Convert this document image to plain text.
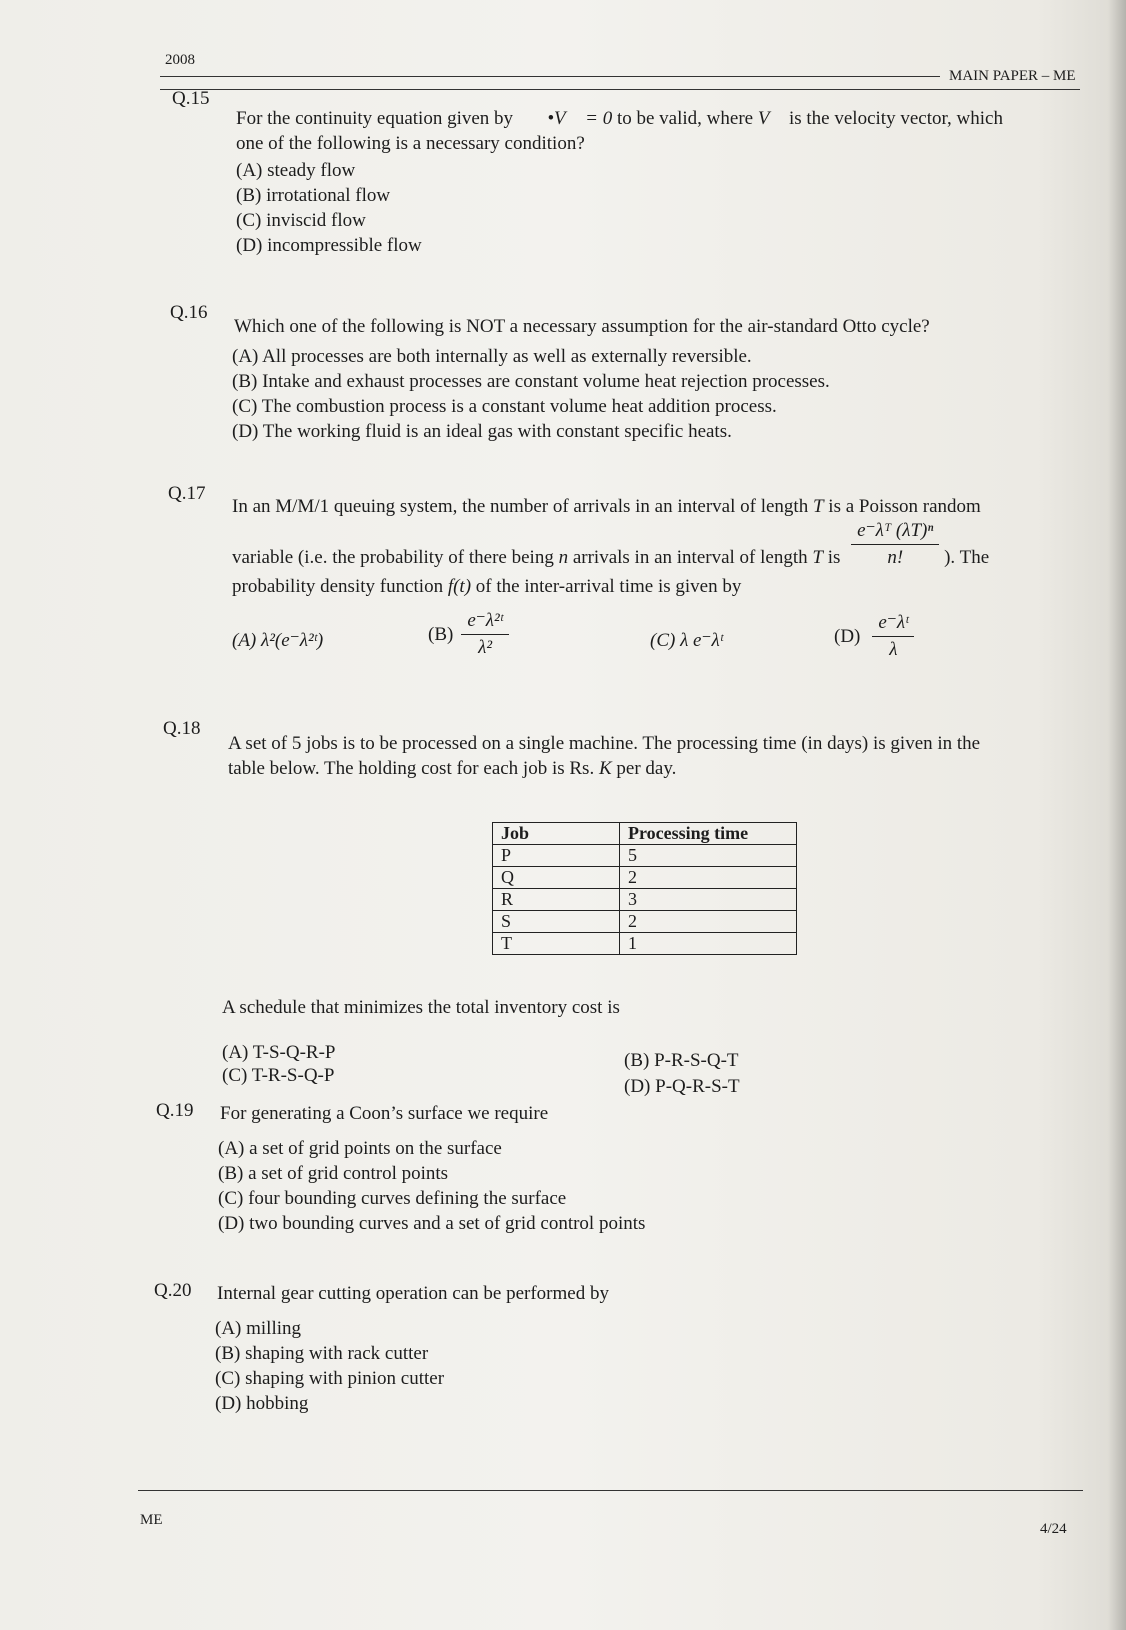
2008
MAIN PAPER – ME
Q.15
For the continuity equation given by ∇⃗•V⃗ = 0 to be valid, where V⃗ is the velocity vector, which
one of the following is a necessary condition?
(A) steady flow
(B) irrotational flow
(C) inviscid flow
(D) incompressible flow
Q.16
Which one of the following is NOT a necessary assumption for the air-standard Otto cycle?
(A) All processes are both internally as well as externally reversible.
(B) Intake and exhaust processes are constant volume heat rejection processes.
(C) The combustion process is a constant volume heat addition process.
(D) The working fluid is an ideal gas with constant specific heats.
Q.17
In an M/M/1 queuing system, the number of arrivals in an interval of length T is a Poisson random
variable (i.e. the probability of there being n arrivals in an interval of length T is $\frac{\text{e⁻λᵀ (λT)ⁿ}}{n!}$ ). The
probability density function f(t) of the inter-arrival time is given by
(A) λ²(e⁻λ²ᵗ)	$(B) \frac{\text{e⁻λ²ᵗ}}{\text{λ²}}$	(C) λ e⁻λᵗ	$(D) \frac{\text{e⁻λᵗ}}{\lambda}$
Q.18
A set of 5 jobs is to be processed on a single machine. The processing time (in days) is given in the
table below. The holding cost for each job is Rs. K per day.
Job	Processing time
P	5
Q	2
R	3
S	2
T	1
A schedule that minimizes the total inventory cost is
(A) T-S-Q-R-P	(B) P-R-S-Q-T
(C) T-R-S-Q-P
(D) P-Q-R-S-T
Q.19 For generating a Coon’s surface we require
(A) a set of grid points on the surface
(B) a set of grid control points
(C) four bounding curves defining the surface
(D) two bounding curves and a set of grid control points
Q.20 Internal gear cutting operation can be performed by
(A) milling
(B) shaping with rack cutter
(C) shaping with pinion cutter
(D) hobbing
ME
4/24
